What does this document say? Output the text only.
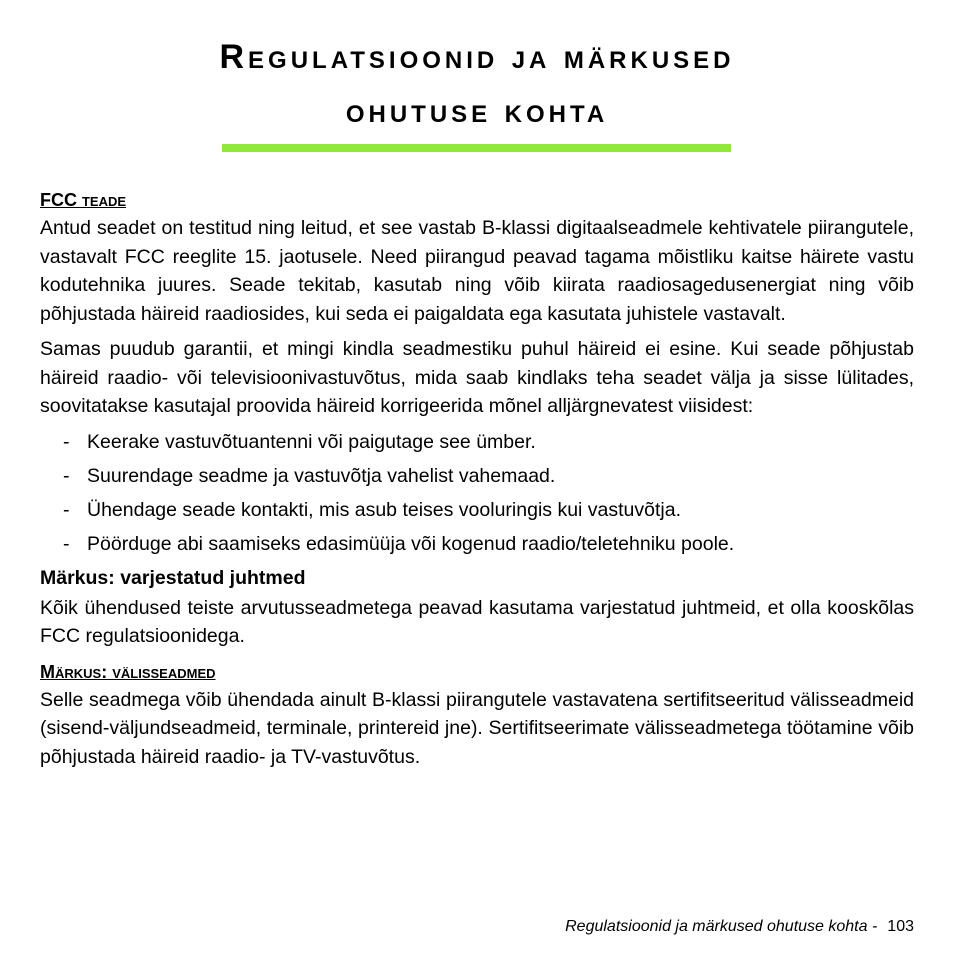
Regulatsioonid ja märkused
ohutuse kohta
FCC teade

Antud seadet on testitud ning leitud, et see vastab B-klassi digitaalseadmele kehtivatele piirangutele, vastavalt FCC reeglite 15. jaotusele. Need piirangud peavad tagama mõistliku kaitse häirete vastu kodutehnika juures. Seade tekitab, kasutab ning võib kiirata raadiosagedusenergiat ning võib põhjustada häireid raadiosides, kui seda ei paigaldata ega kasutata juhistele vastavalt.

Samas puudub garantii, et mingi kindla seadmestiku puhul häireid ei esine. Kui seade põhjustab häireid raadio- või televisioonivastuvõtus, mida saab kindlaks teha seadet välja ja sisse lülitades, soovitatakse kasutajal proovida häireid korrigeerida mõnel alljärgnevatest viisidest:

- Keerake vastuvõtuantenni või paigutage see ümber.
- Suurendage seadme ja vastuvõtja vahelist vahemaad.
- Ühendage seade kontakti, mis asub teises vooluringis kui vastuvõtja.
- Pöörduge abi saamiseks edasimüüja või kogenud raadio/teletehniku poole.
Märkus: varjestatud juhtmed

Kõik ühendused teiste arvutusseadmetega peavad kasutama varjestatud juhtmeid, et olla kooskõlas FCC regulatsioonidega.

Märkus: välisseadmed

Selle seadmega võib ühendada ainult B-klassi piirangutele vastavatena sertifitseeritud välisseadmeid (sisend-väljundseadmeid, terminale, printereid jne). Sertifitseerimate välisseadmetega töötamine võib põhjustada häireid raadio- ja TV-vastuvõtus.

Regulatsioonid ja märkused ohutuse kohta - 103
